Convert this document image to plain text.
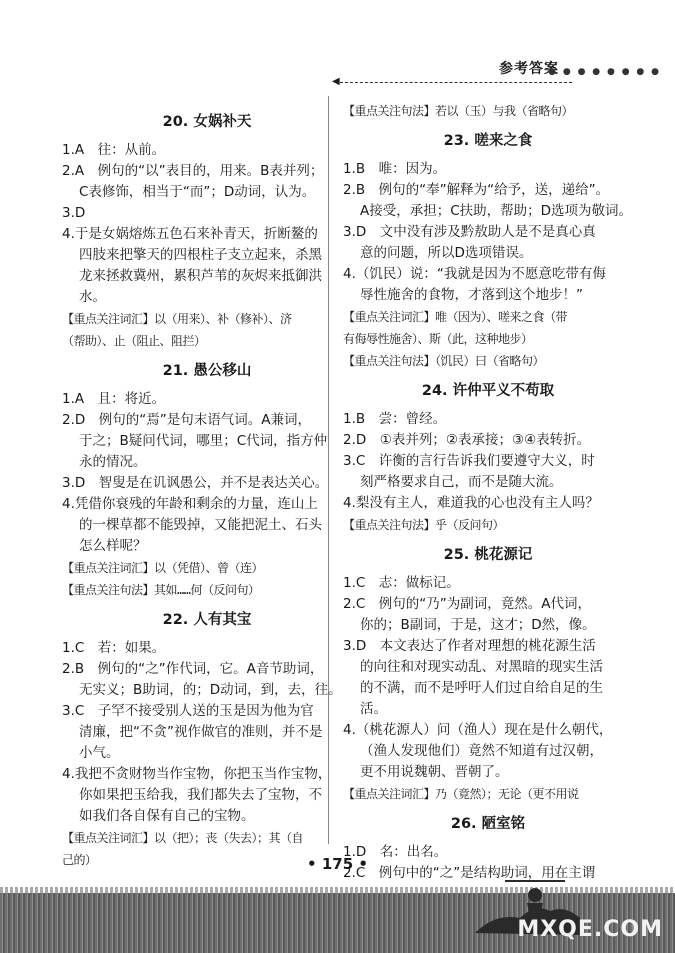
参考答案
● ● ● ● ● ● ● ●
◀
20. 女娲补天
1.A　往：从前。
2.A　例句的“以”表目的，用来。B表并列；
C表修饰，相当于“而”；D动词，认为。
3.D
4.于是女娲熔炼五色石来补青天，折断鳌的
四肢来把擎天的四根柱子支立起来，杀黑
龙来拯救冀州，累积芦苇的灰烬来抵御洪
水。
【重点关注词汇】以（用来）、补（修补）、济
（帮助）、止（阻止、阻拦）
21. 愚公移山
1.A　且：将近。
2.D　例句的“焉”是句末语气词。A兼词，
于之；B疑问代词，哪里；C代词，指方仲
永的情况。
3.D　智叟是在讥讽愚公，并不是表达关心。
4.凭借你衰残的年龄和剩余的力量，连山上
的一棵草都不能毁掉，又能把泥土、石头
怎么样呢？
【重点关注词汇】以（凭借）、曾（连）
【重点关注句法】其如……何（反问句）
22. 人有其宝
1.C　若：如果。
2.B　例句的“之”作代词，它。A音节助词，
无实义；B助词，的；D动词，到，去，往。
3.C　子罕不接受别人送的玉是因为他为官
清廉，把“不贪”视作做官的准则，并不是
小气。
4.我把不贪财物当作宝物，你把玉当作宝物，
你如果把玉给我，我们都失去了宝物，不
如我们各自保有自己的宝物。
【重点关注词汇】以（把）；丧（失去）；其（自
己的）
【重点关注句法】若以（玉）与我（省略句）
23. 嗟来之食
1.B　唯：因为。
2.B　例句的“奉”解释为“给予，送，递给”。
A接受，承担；C扶助，帮助；D选项为敬词。
3.D　文中没有涉及黔敖助人是不是真心真
意的问题，所以D选项错误。
4.（饥民）说：“我就是因为不愿意吃带有侮
辱性施舍的食物，才落到这个地步！”
【重点关注词汇】唯（因为）、嗟来之食（带
有侮辱性施舍）、斯（此，这种地步）
【重点关注句法】（饥民）曰（省略句）
24. 许仲平义不苟取
1.B　尝：曾经。
2.D　①表并列；②表承接；③④表转折。
3.C　许衡的言行告诉我们要遵守大义，时
刻严格要求自己，而不是随大流。
4.梨没有主人，难道我的心也没有主人吗？
【重点关注句法】乎（反问句）
25. 桃花源记
1.C　志：做标记。
2.C　例句的“乃”为副词，竟然。A代词，
你的；B副词，于是，这才；D然，像。
3.D　本文表达了作者对理想的桃花源生活
的向往和对现实动乱、对黑暗的现实生活
的不满，而不是呼吁人们过自给自足的生
活。
4.（桃花源人）问（渔人）现在是什么朝代，
（渔人发现他们）竟然不知道有过汉朝，
更不用说魏朝、晋朝了。
【重点关注词汇】乃（竟然）；无论（更不用说
26. 陋室铭
1.D　名：出名。
2.C　例句中的“之”是结构助词，用在主谓
• 175 •
MXQE.COM
